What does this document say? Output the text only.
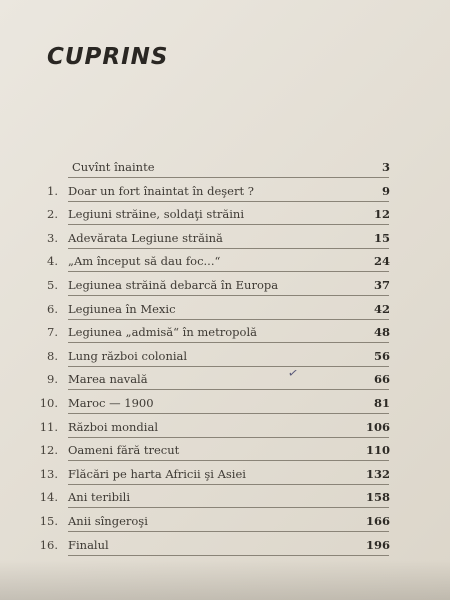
CUPRINS
Cuvînt înainte	3
1. Doar un fort înaintat în deşert ?	9
2. Legiuni străine, soldaţi străini	12
3. Adevărata Legiune străină	15
4. „Am început să dau foc...“	24
5. Legiunea străină debarcă în Europa	37
6. Legiunea în Mexic	42
7. Legiunea „admisă“ în metropolă	48
8. Lung război colonial	56
9. Marea navală	66
10. Maroc — 1900	81
11. Război mondial	106
12. Oameni fără trecut	110
13. Flăcări pe harta Africii şi Asiei	132
14. Ani teribili	158
15. Anii sîngeroşi	166
16. Finalul	196
✓
